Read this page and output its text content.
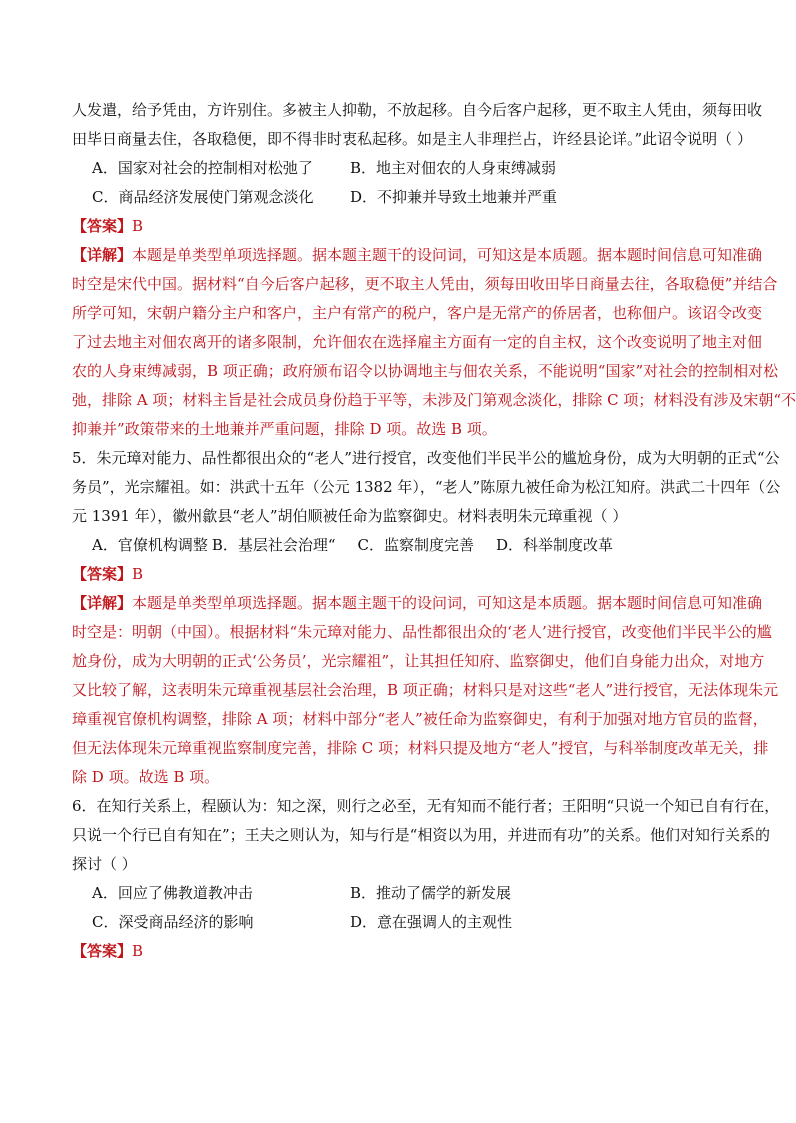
人发遣，给予凭由，方许别住。多被主人抑勒，不放起移。自今后客户起移，更不取主人凭由，须每田收
田毕日商量去住，各取稳便，即不得非时衷私起移。如是主人非理拦占，许经县论详。”此诏令说明（ ）
A．国家对社会的控制相对松弛了	B．地主对佃农的人身束缚减弱
C．商品经济发展使门第观念淡化	D．不抑兼并导致土地兼并严重
【答案】B
【详解】本题是单类型单项选择题。据本题主题干的设问词，可知这是本质题。据本题时间信息可知准确
时空是宋代中国。据材料“自今后客户起移，更不取主人凭由，须每田收田毕日商量去往，各取稳便”并结合
所学可知，宋朝户籍分主户和客户，主户有常产的税户，客户是无常产的侨居者，也称佃户。该诏令改变
了过去地主对佃农离开的诸多限制，允许佃农在选择雇主方面有一定的自主权，这个改变说明了地主对佃
农的人身束缚减弱，B 项正确；政府颁布诏令以协调地主与佃农关系，不能说明“国家”对社会的控制相对松
弛，排除 A 项；材料主旨是社会成员身份趋于平等，未涉及门第观念淡化，排除 C 项；材料没有涉及宋朝“不
抑兼并”政策带来的土地兼并严重问题，排除 D 项。故选 B 项。
5．朱元璋对能力、品性都很出众的“老人”进行授官，改变他们半民半公的尴尬身份，成为大明朝的正式“公
务员”，光宗耀祖。如：洪武十五年（公元 1382 年），“老人”陈原九被任命为松江知府。洪武二十四年（公
元 1391 年），徽州歙县“老人”胡伯顺被任命为监察御史。材料表明朱元璋重视（ ）
A．官僚机构调整 B．基层社会治理“ C．监察制度完善 D．科举制度改革
【答案】B
【详解】本题是单类型单项选择题。据本题主题干的设问词，可知这是本质题。据本题时间信息可知准确
时空是：明朝（中国）。根据材料“朱元璋对能力、品性都很出众的‘老人’进行授官，改变他们半民半公的尴
尬身份，成为大明朝的正式‘公务员’，光宗耀祖”，让其担任知府、监察御史，他们自身能力出众，对地方
又比较了解，这表明朱元璋重视基层社会治理，B 项正确；材料只是对这些“老人”进行授官，无法体现朱元
璋重视官僚机构调整，排除 A 项；材料中部分“老人”被任命为监察御史，有利于加强对地方官员的监督，
但无法体现朱元璋重视监察制度完善，排除 C 项；材料只提及地方“老人”授官，与科举制度改革无关，排
除 D 项。故选 B 项。
6．在知行关系上，程颐认为：知之深，则行之必至，无有知而不能行者；王阳明“只说一个知已自有行在，
只说一个行已自有知在”；王夫之则认为，知与行是“相资以为用，并进而有功”的关系。他们对知行关系的
探讨（ ）
A．回应了佛教道教冲击	B．推动了儒学的新发展
C．深受商品经济的影响	D．意在强调人的主观性
【答案】B
